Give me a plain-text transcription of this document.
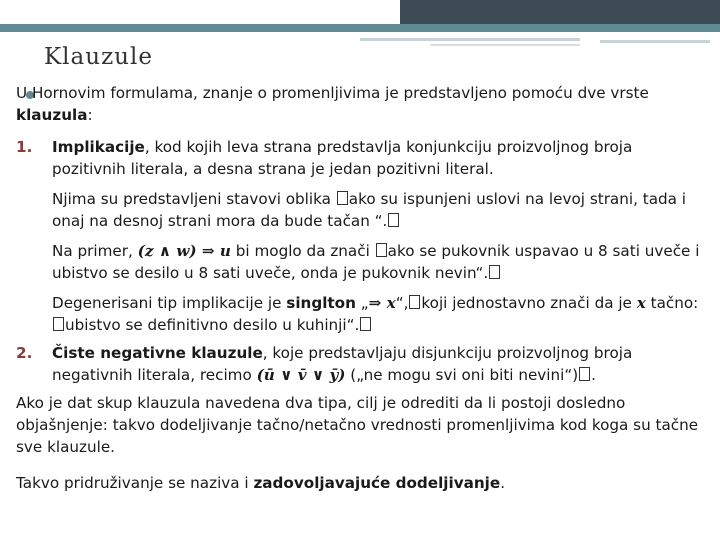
Klauzule

U Hornovim formulama, znanje o promenljivima je predstavljeno pomoću dve vrste klauzula:

1.	Implikacije, kod kojih leva strana predstavlja konjunkciju proizvoljnog broja pozitivnih literala, a desna strana je jedan pozitivni literal.

Njima su predstavljeni stavovi oblika ako su ispunjeni uslovi na levoj strani, tada i onaj na desnoj strani mora da bude tačan “.

Na primer, (z ∧ w) ⇒ u bi moglo da znači ako se pukovnik uspavao u 8 sati uveče i ubistvo se desilo u 8 sati uveče, onda je pukovnik nevin“.

Degenerisani tip implikacije je singlton „⇒ x“, koji jednostavno znači da je x tačno: ubistvo se definitivno desilo u kuhinji“.

2.	Čiste negativne klauzule, koje predstavljaju disjunkciju proizvoljnog broja negativnih literala, recimo (ū ∨ v̄ ∨ ȳ) („ne mogu svi oni biti nevini“) .

Ako je dat skup klauzula navedena dva tipa, cilj je odrediti da li postoji dosledno objašnjenje: takvo dodeljivanje tačno/netačno vrednosti promenljivima kod koga su tačne sve klauzule.

Takvo pridruživanje se naziva i zadovoljavajuće dodeljivanje.
